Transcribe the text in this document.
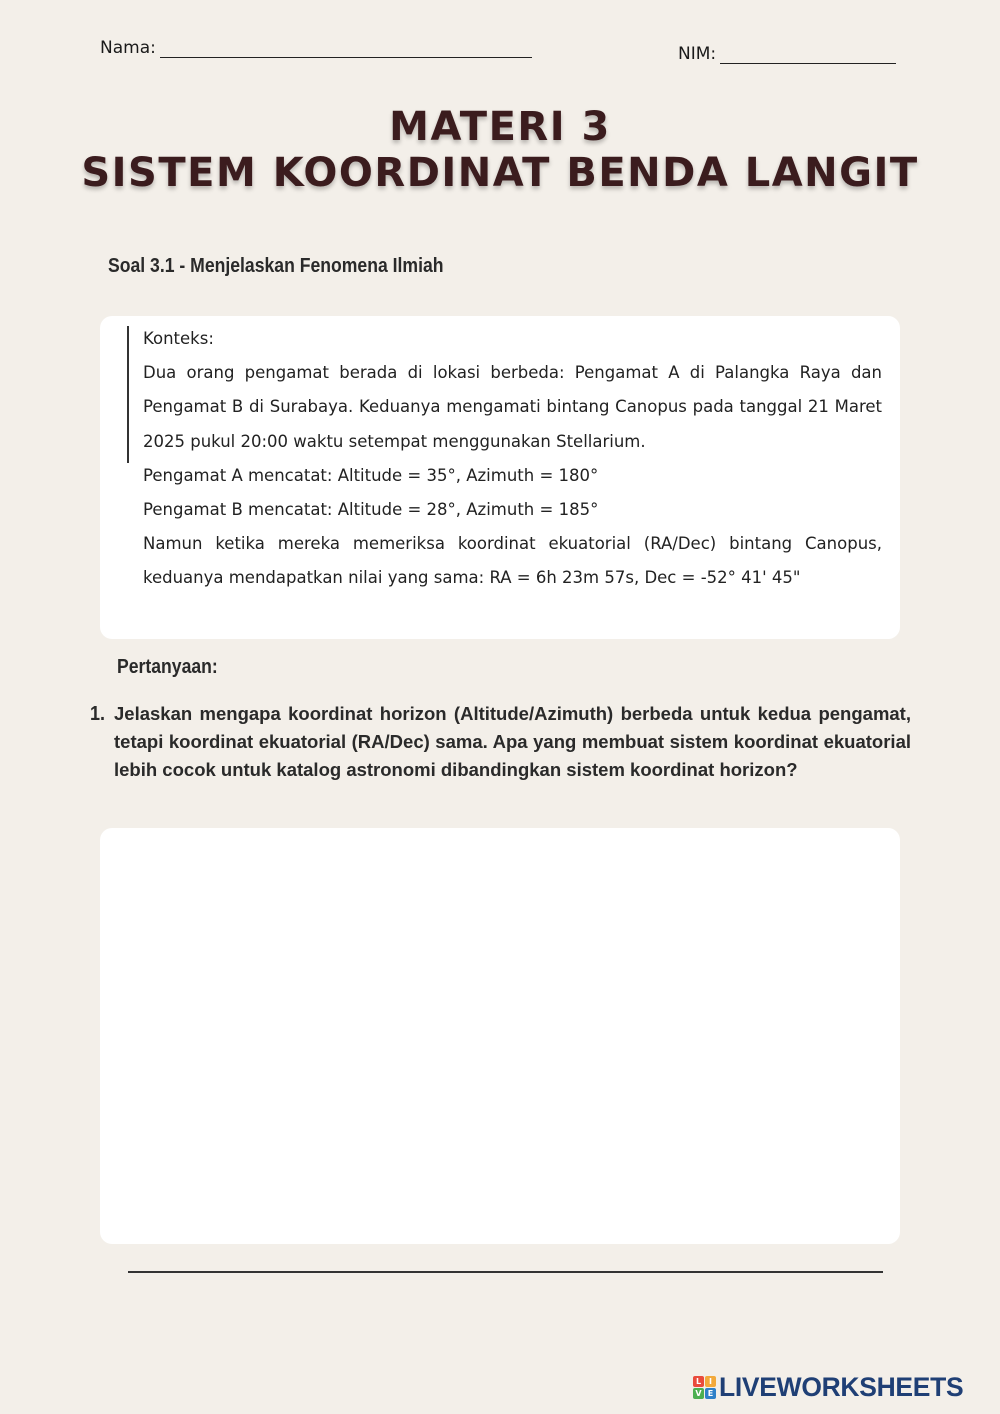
Nama:	NIM:
MATERI 3
SISTEM KOORDINAT BENDA LANGIT
Soal 3.1 - Menjelaskan Fenomena Ilmiah

Konteks:

Dua orang pengamat berada di lokasi berbeda: Pengamat A di Palangka Raya dan Pengamat B di Surabaya. Keduanya mengamati bintang Canopus pada tanggal 21 Maret 2025 pukul 20:00 waktu setempat menggunakan Stellarium.

Pengamat A mencatat: Altitude = 35°, Azimuth = 180°

Pengamat B mencatat: Altitude = 28°, Azimuth = 185°

Namun ketika mereka memeriksa koordinat ekuatorial (RA/Dec) bintang Canopus, keduanya mendapatkan nilai yang sama: RA = 6h 23m 57s, Dec = -52° 41' 45"

Pertanyaan:
1. Jelaskan mengapa koordinat horizon (Altitude/Azimuth) berbeda untuk kedua pengamat, tetapi koordinat ekuatorial (RA/Dec) sama. Apa yang membuat sistem koordinat ekuatorial lebih cocok untuk katalog astronomi dibandingkan sistem koordinat horizon?
L I
V E LIVEWORKSHEETS
